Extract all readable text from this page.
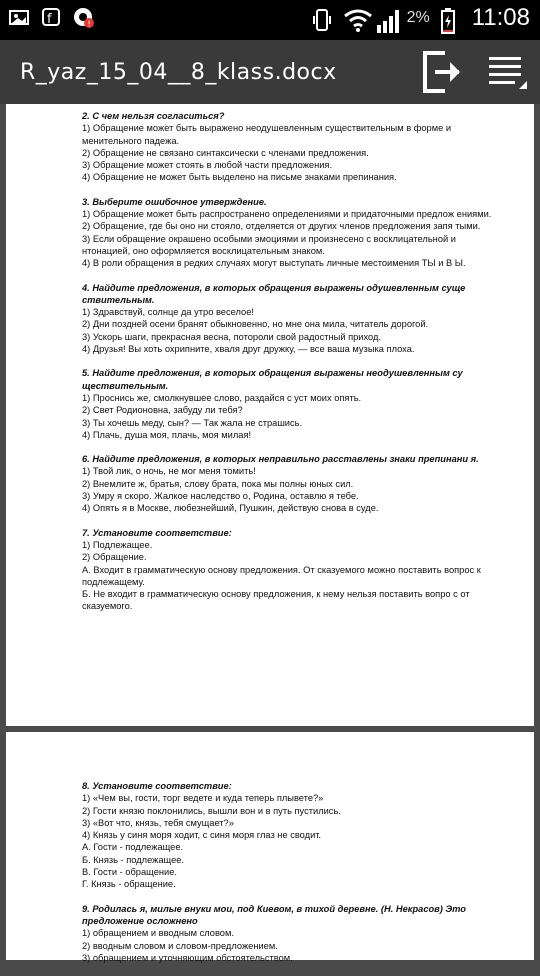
f	!	2% 11:08
R_yaz_15_04__8_klass.docx
2. С чем нельзя согласиться?
1) Обращение может быть выражено неодушевленным существительным в форме и менительного падежа.
2) Обращение не связано синтаксически с членами предложения.
3) Обращение может стоять в любой части предложения.
4) Обращение не может быть выделено на письме знаками препинания.
3. Выберите ошибочное утверждение.
1) Обращение может быть распространено определениями и придаточными предлож ениями.
2) Обращение, где бы оно ни стояло, отделяется от других членов предложения запя тыми.
3) Если обращение окрашено особыми эмоциями и произнесено с восклицательной и нтонацией, оно оформляется восклицательным знаком.
4) В роли обращения в редких случаях могут выступать личные местоимения ТЫ и В Ы.
4. Найдите предложения, в которых обращения выражены одушевленным суще ствительным.
1) Здравствуй, солнце да утро веселое!
2) Дни поздней осени бранят обыкновенно, но мне она мила, читатель дорогой.
3) Ускорь шаги, прекрасная весна, потороли свой радостный приход.
4) Друзья! Вы хоть охрипните, хваля друг дружку, — все ваша музыка плоха.
5. Найдите предложения, в которых обращения выражены неодушевленным су ществительным.
1) Проснись же, смолкнувшее слово, раздайся с уст моих опять.
2) Свет Родионовна, забуду ли тебя?
3) Ты хочешь меду, сын? — Так жала не страшись.
4) Плачь, душа моя, плачь, моя милая!
6. Найдите предложения, в которых неправильно расставлены знаки препинани я.
1) Твой лик, о ночь, не мог меня томить!
2) Внемлите ж, братья, слову брата, пока мы полны юных сил.
3) Умру я скоро. Жалкое наследство о, Родина, оставлю я тебе.
4) Опять я в Москве, любезнейший, Пушкин, действую снова в суде.
7. Установите соответствие:
1) Подлежащее.
2) Обращение.
А. Входит в грамматическую основу предложения. От сказуемого можно поставить вопрос к подлежащему.
Б. Не входит в грамматическую основу предложения, к нему нельзя поставить вопро с от сказуемого.
8. Установите соответствие:
1) «Чем вы, гости, торг ведете и куда теперь плывете?»
2) Гости князю поклонились, вышли вон и в путь пустились.
3) «Вот что, князь, тебя смущает?»
4) Князь у синя моря ходит, с синя моря глаз не сводит.
А. Гости - подлежащее.
Б. Князь - подлежащее.
В. Гости - обращение.
Г. Князь - обращение.
9. Родилась я, милые внуки мои, под Киевом, в тихой деревне. (Н. Некрасов) Это предложение осложнено
1) обращением и вводным словом.
2) вводным словом и словом-предложением.
3) обращением и уточняющим обстоятельством.
